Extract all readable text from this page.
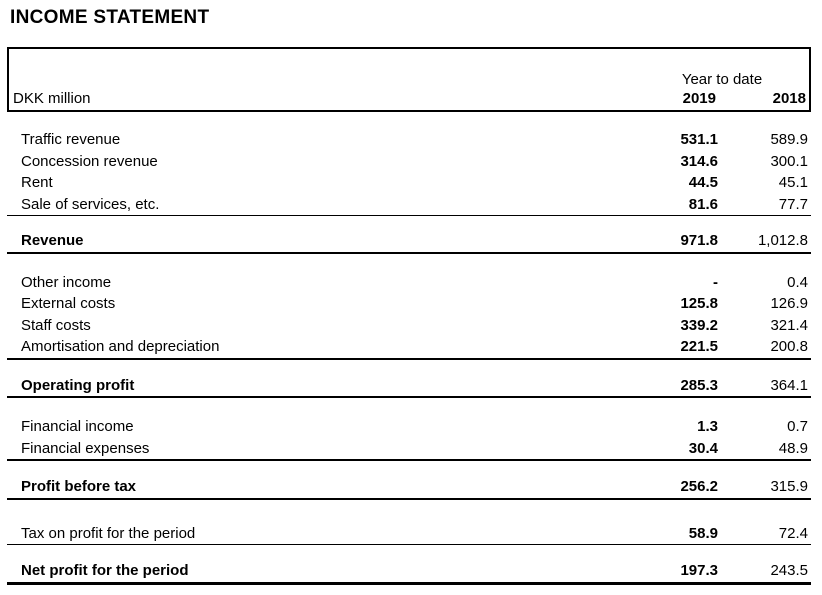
INCOME STATEMENT
DKK million
Year to date
2019	2018
Traffic revenue	531.1	589.9
Concession revenue	314.6	300.1
Rent	44.5	45.1
Sale of services, etc.	81.6	77.7
Revenue	971.8	1,012.8
Other income	-	0.4
External costs	125.8	126.9
Staff costs	339.2	321.4
Amortisation and depreciation	221.5	200.8
Operating profit	285.3	364.1
Financial income	1.3	0.7
Financial expenses	30.4	48.9
Profit before tax	256.2	315.9
Tax on profit for the period	58.9	72.4
Net profit for the period	197.3	243.5
